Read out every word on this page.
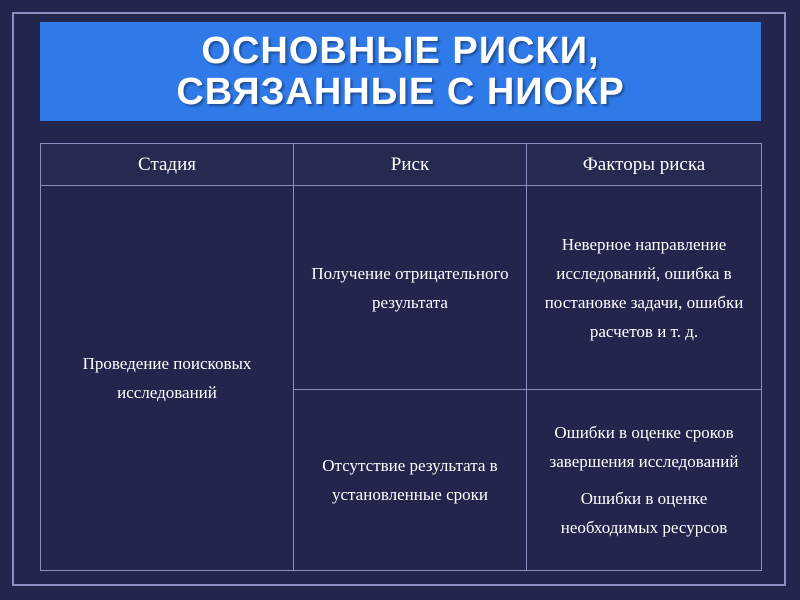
ОСНОВНЫЕ РИСКИ,
СВЯЗАННЫЕ С НИОКР
Стадия	Риск	Факторы риска
Проведение поисковых исследований	Получение отрицательного результата	Неверное направление исследований, ошибка в постановке задачи, ошибки расчетов и т. д.

	Отсутствие результата в установленные сроки	Ошибки в оценке сроков завершения исследований
Ошибки в оценке необходимых ресурсов
